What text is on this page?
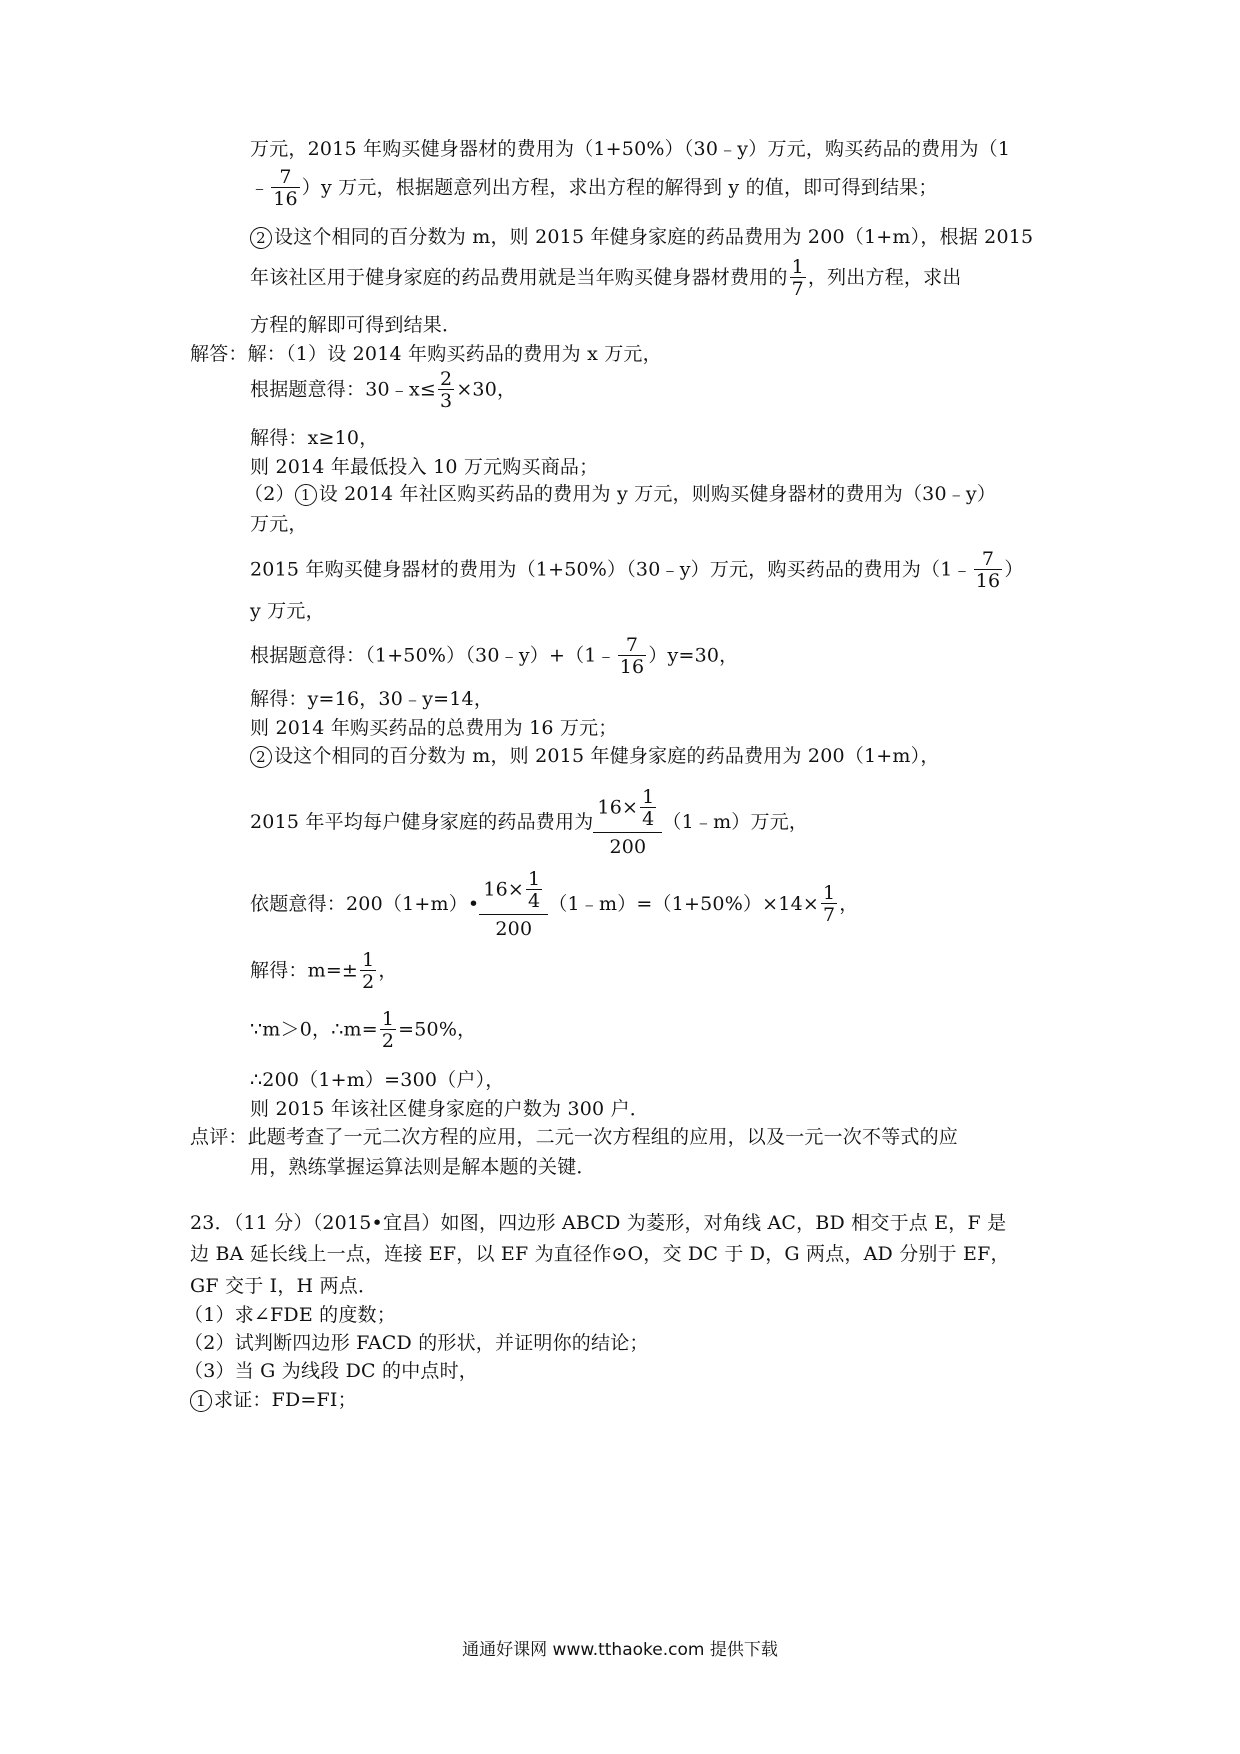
万元，2015 年购买健身器材的费用为（1+50%）（30﹣y）万元，购买药品的费用为（1
﹣ $\frac{7}{16} )y$ 万元，根据题意列出方程，求出方程的解得到 y 的值，即可得到结果；
2 设这个相同的百分数为 m，则 2015 年健身家庭的药品费用为 200（1+m），根据 2015
年该社区用于健身家庭的药品费用就是当年购买健身器材费用的 $\frac{1}{7}$ ，列出方程，求出
方程的解即可得到结果．
解答：解：（1）设 2014 年购买药品的费用为 x 万元，
根据题意得：30﹣x≤ $\frac{2}{3} \times 30$，
解得：x≥10，
则 2014 年最低投入 10 万元购买商品；
（2） 1 设 2014 年社区购买药品的费用为 y 万元，则购买健身器材的费用为（30﹣y）
万元，
2015 年购买健身器材的费用为（1+50%）（30﹣y）万元，购买药品的费用为（1﹣ $\frac{7}{16}$ ）
y 万元，
根据题意得：（1+50%）（30﹣y）+（1﹣ $\frac{7}{16} )y=30$，
解得：y=16，30﹣y=14，
则 2014 年购买药品的总费用为 16 万元；
2 设这个相同的百分数为 m，则 2015 年健身家庭的药品费用为 200（1+m），
2015 年平均每户健身家庭的药品费用为 $\frac{16\times \frac{1}{4}}{200}$ （1﹣m）万元，
依题意得：200（1+m）• $\frac{16\times \frac{1}{4}}{200}$ （1﹣m）=（1+50%）×14× $\frac{1}{7}$ ，
解得：$m=\pm \frac{1}{2}$ ，
∵m＞0，∴m= $\frac{1}{2} =50\%$，
∴200（1+m）=300（户），
则 2015 年该社区健身家庭的户数为 300 户．
点评：此题考查了一元二次方程的应用，二元一次方程组的应用，以及一元一次不等式的应
用，熟练掌握运算法则是解本题的关键．
23．（11 分）（2015•宜昌）如图，四边形 ABCD 为菱形，对角线 AC，BD 相交于点 E，F 是
边 BA 延长线上一点，连接 EF，以 EF 为直径作⊙O，交 DC 于 D，G 两点，AD 分别于 EF，
GF 交于 I，H 两点．
（1）求∠FDE 的度数；
（2）试判断四边形 FACD 的形状，并证明你的结论；
（3）当 G 为线段 DC 的中点时，
1 求证：FD=FI；
通通好课网 www.tthaoke.com 提供下载
